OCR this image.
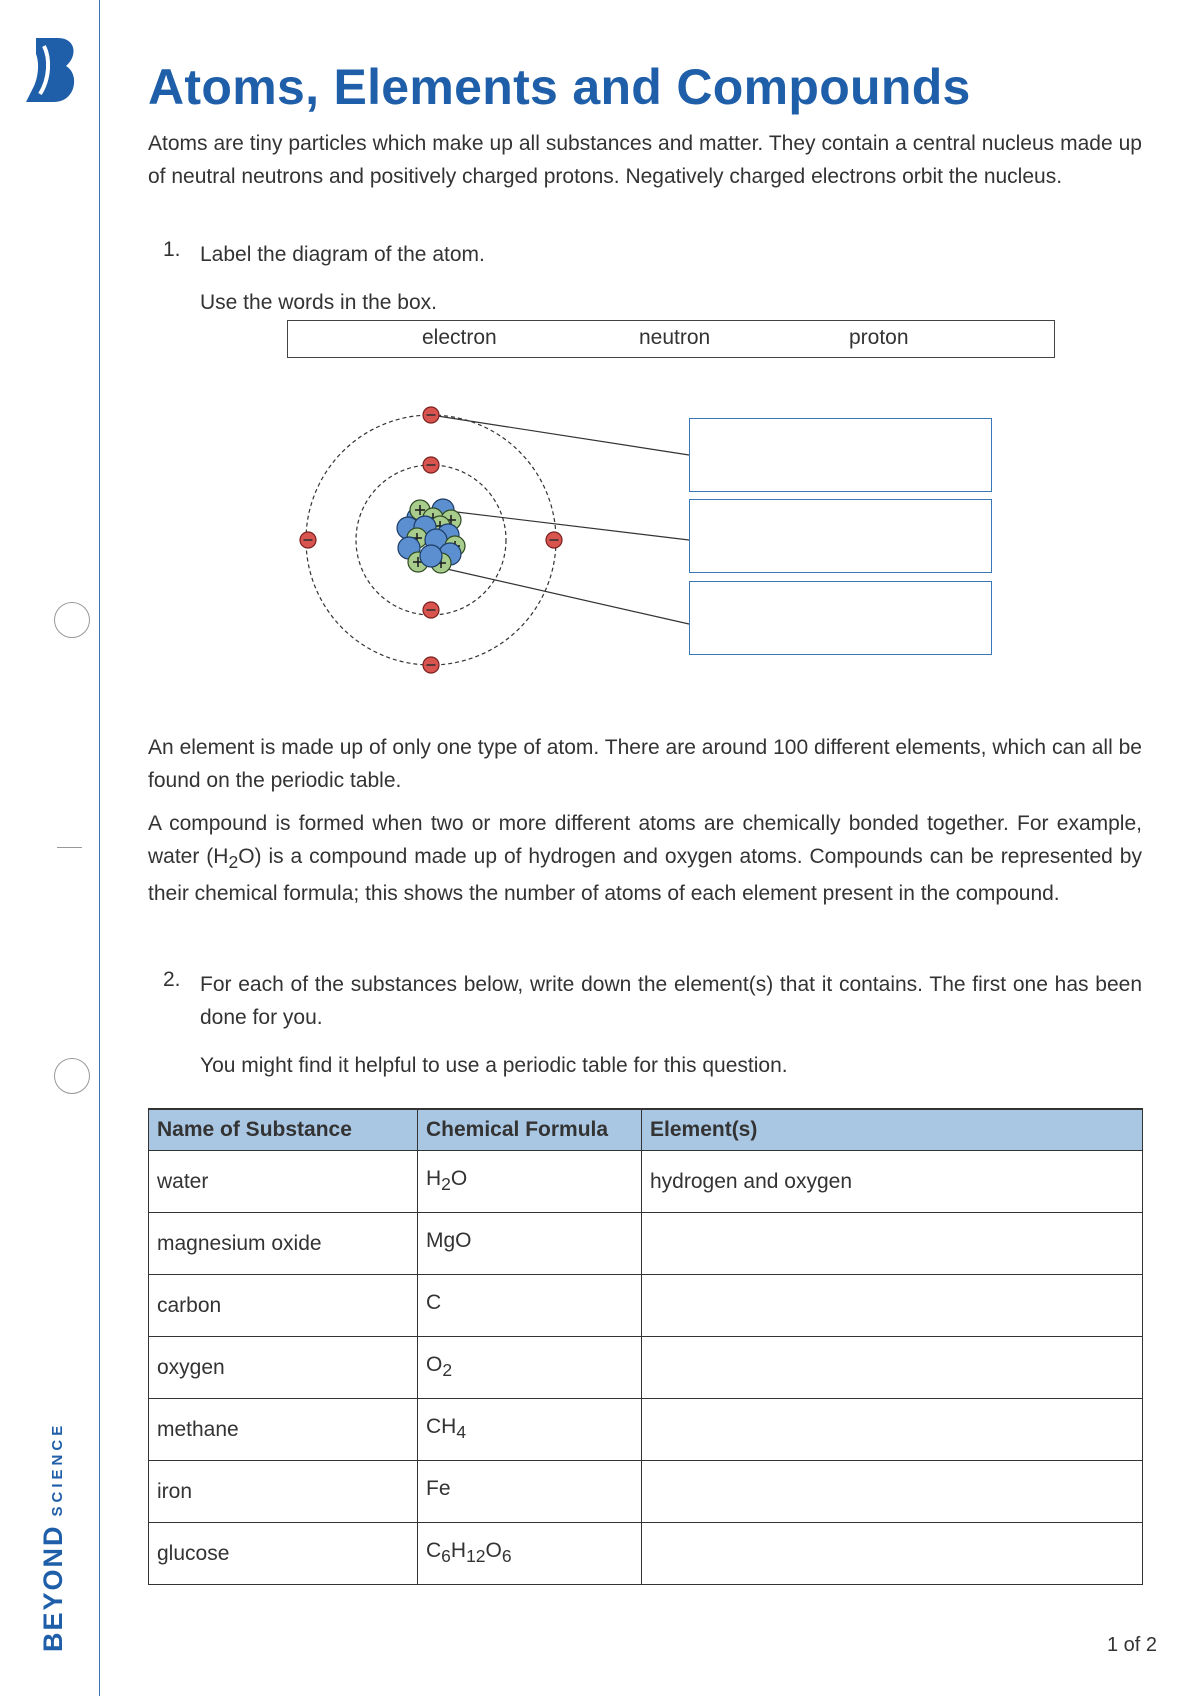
BEYONDSCIENCE
Atoms, Elements and Compounds

Atoms are tiny particles which make up all substances and matter. They contain a central nucleus made up of neutral neutrons and positively charged protons. Negatively charged electrons orbit the nucleus.

1. Label the diagram of the atom.

Use the words in the box.

electron	neutron	proton

An element is made up of only one type of atom. There are around 100 different elements, which can all be found on the periodic table.

A compound is formed when two or more different atoms are chemically bonded together. For example, water $(H_2O)$ is a compound made up of hydrogen and oxygen atoms. Compounds can be represented by their chemical formula; this shows the number of atoms of each element present in the compound.

2. For each of the substances below, write down the element(s) that it contains. The first one has been done for you.

You might find it helpful to use a periodic table for this question.

Name of Substance	Chemical Formula	Element(s)
water	$H_2O$	hydrogen and oxygen
magnesium oxide	MgO	
carbon	C	
oxygen	$O_2$	
methane	$CH_4$	
iron	Fe	
glucose	$C_6H_{12}O_6$	
1 of 2
